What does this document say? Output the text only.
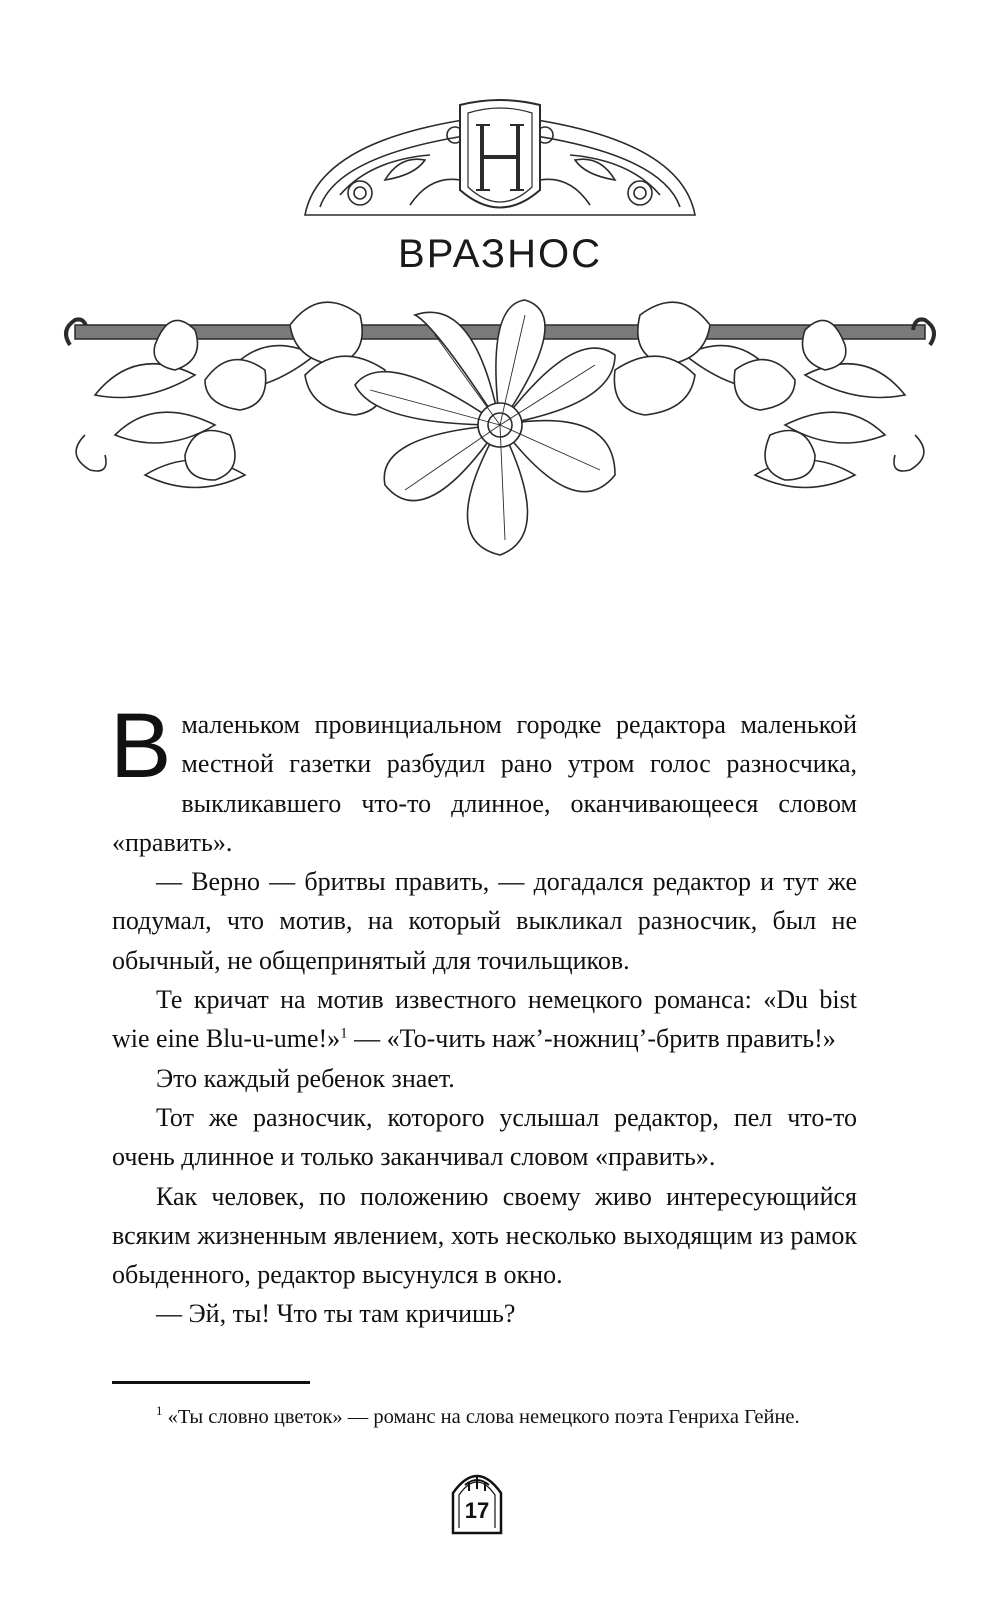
ВРАЗНОС

Вмаленьком провинциальном городке редактора маленькой местной газетки разбудил рано утром голос разносчика, выкликавшего что-то длинное, оканчивающееся словом «править».

— Верно — бритвы править, — догадался редактор и тут же подумал, что мотив, на который выкликал разносчик, был не обычный, не общепринятый для точильщиков.

Те кричат на мотив известного немецкого романса: «Du bist wie eine Blu-u-ume!»$^1$ — «То-чить наж’-ножниц’-бритв править!»

Это каждый ребенок знает.

Тот же разносчик, которого услышал редактор, пел что-то очень длинное и только заканчивал словом «править».

Как человек, по положению своему живо интересующийся всяким жизненным явлением, хоть несколько выходящим из рамок обыденного, редактор высунулся в окно.

— Эй, ты! Что ты там кричишь?

$^1$ «Ты словно цветок» — романс на слова немецкого поэта Генриха Гейне.

17
